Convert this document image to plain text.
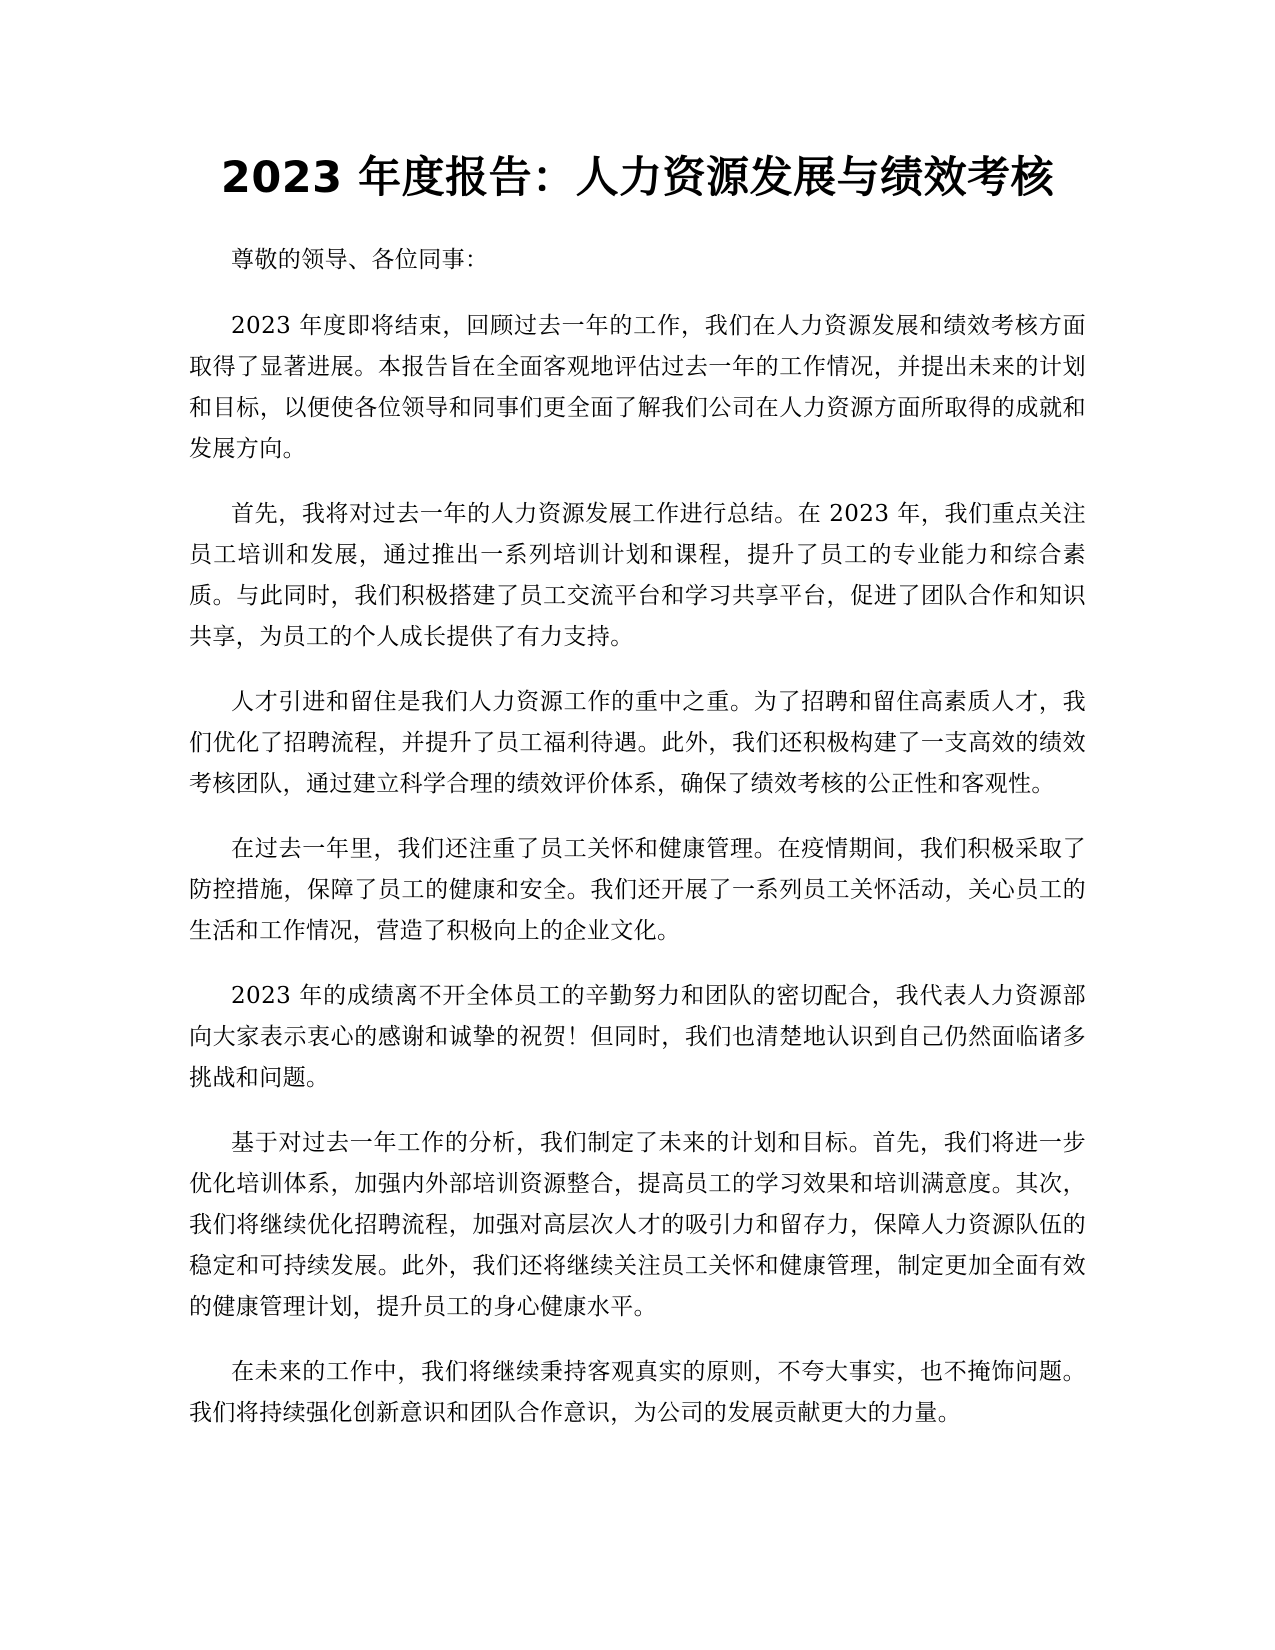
2023 年度报告：人力资源发展与绩效考核

尊敬的领导、各位同事：

2023 年度即将结束，回顾过去一年的工作，我们在人力资源发展和绩效考核方面取得了显著进展。本报告旨在全面客观地评估过去一年的工作情况，并提出未来的计划和目标，以便使各位领导和同事们更全面了解我们公司在人力资源方面所取得的成就和发展方向。

首先，我将对过去一年的人力资源发展工作进行总结。在 2023 年，我们重点关注员工培训和发展，通过推出一系列培训计划和课程，提升了员工的专业能力和综合素质。与此同时，我们积极搭建了员工交流平台和学习共享平台，促进了团队合作和知识共享，为员工的个人成长提供了有力支持。

人才引进和留住是我们人力资源工作的重中之重。为了招聘和留住高素质人才，我们优化了招聘流程，并提升了员工福利待遇。此外，我们还积极构建了一支高效的绩效考核团队，通过建立科学合理的绩效评价体系，确保了绩效考核的公正性和客观性。

在过去一年里，我们还注重了员工关怀和健康管理。在疫情期间，我们积极采取了防控措施，保障了员工的健康和安全。我们还开展了一系列员工关怀活动，关心员工的生活和工作情况，营造了积极向上的企业文化。

2023 年的成绩离不开全体员工的辛勤努力和团队的密切配合，我代表人力资源部向大家表示衷心的感谢和诚挚的祝贺！但同时，我们也清楚地认识到自己仍然面临诸多挑战和问题。

基于对过去一年工作的分析，我们制定了未来的计划和目标。首先，我们将进一步优化培训体系，加强内外部培训资源整合，提高员工的学习效果和培训满意度。其次，我们将继续优化招聘流程，加强对高层次人才的吸引力和留存力，保障人力资源队伍的稳定和可持续发展。此外，我们还将继续关注员工关怀和健康管理，制定更加全面有效的健康管理计划，提升员工的身心健康水平。

在未来的工作中，我们将继续秉持客观真实的原则，不夸大事实，也不掩饰问题。我们将持续强化创新意识和团队合作意识，为公司的发展贡献更大的力量。
